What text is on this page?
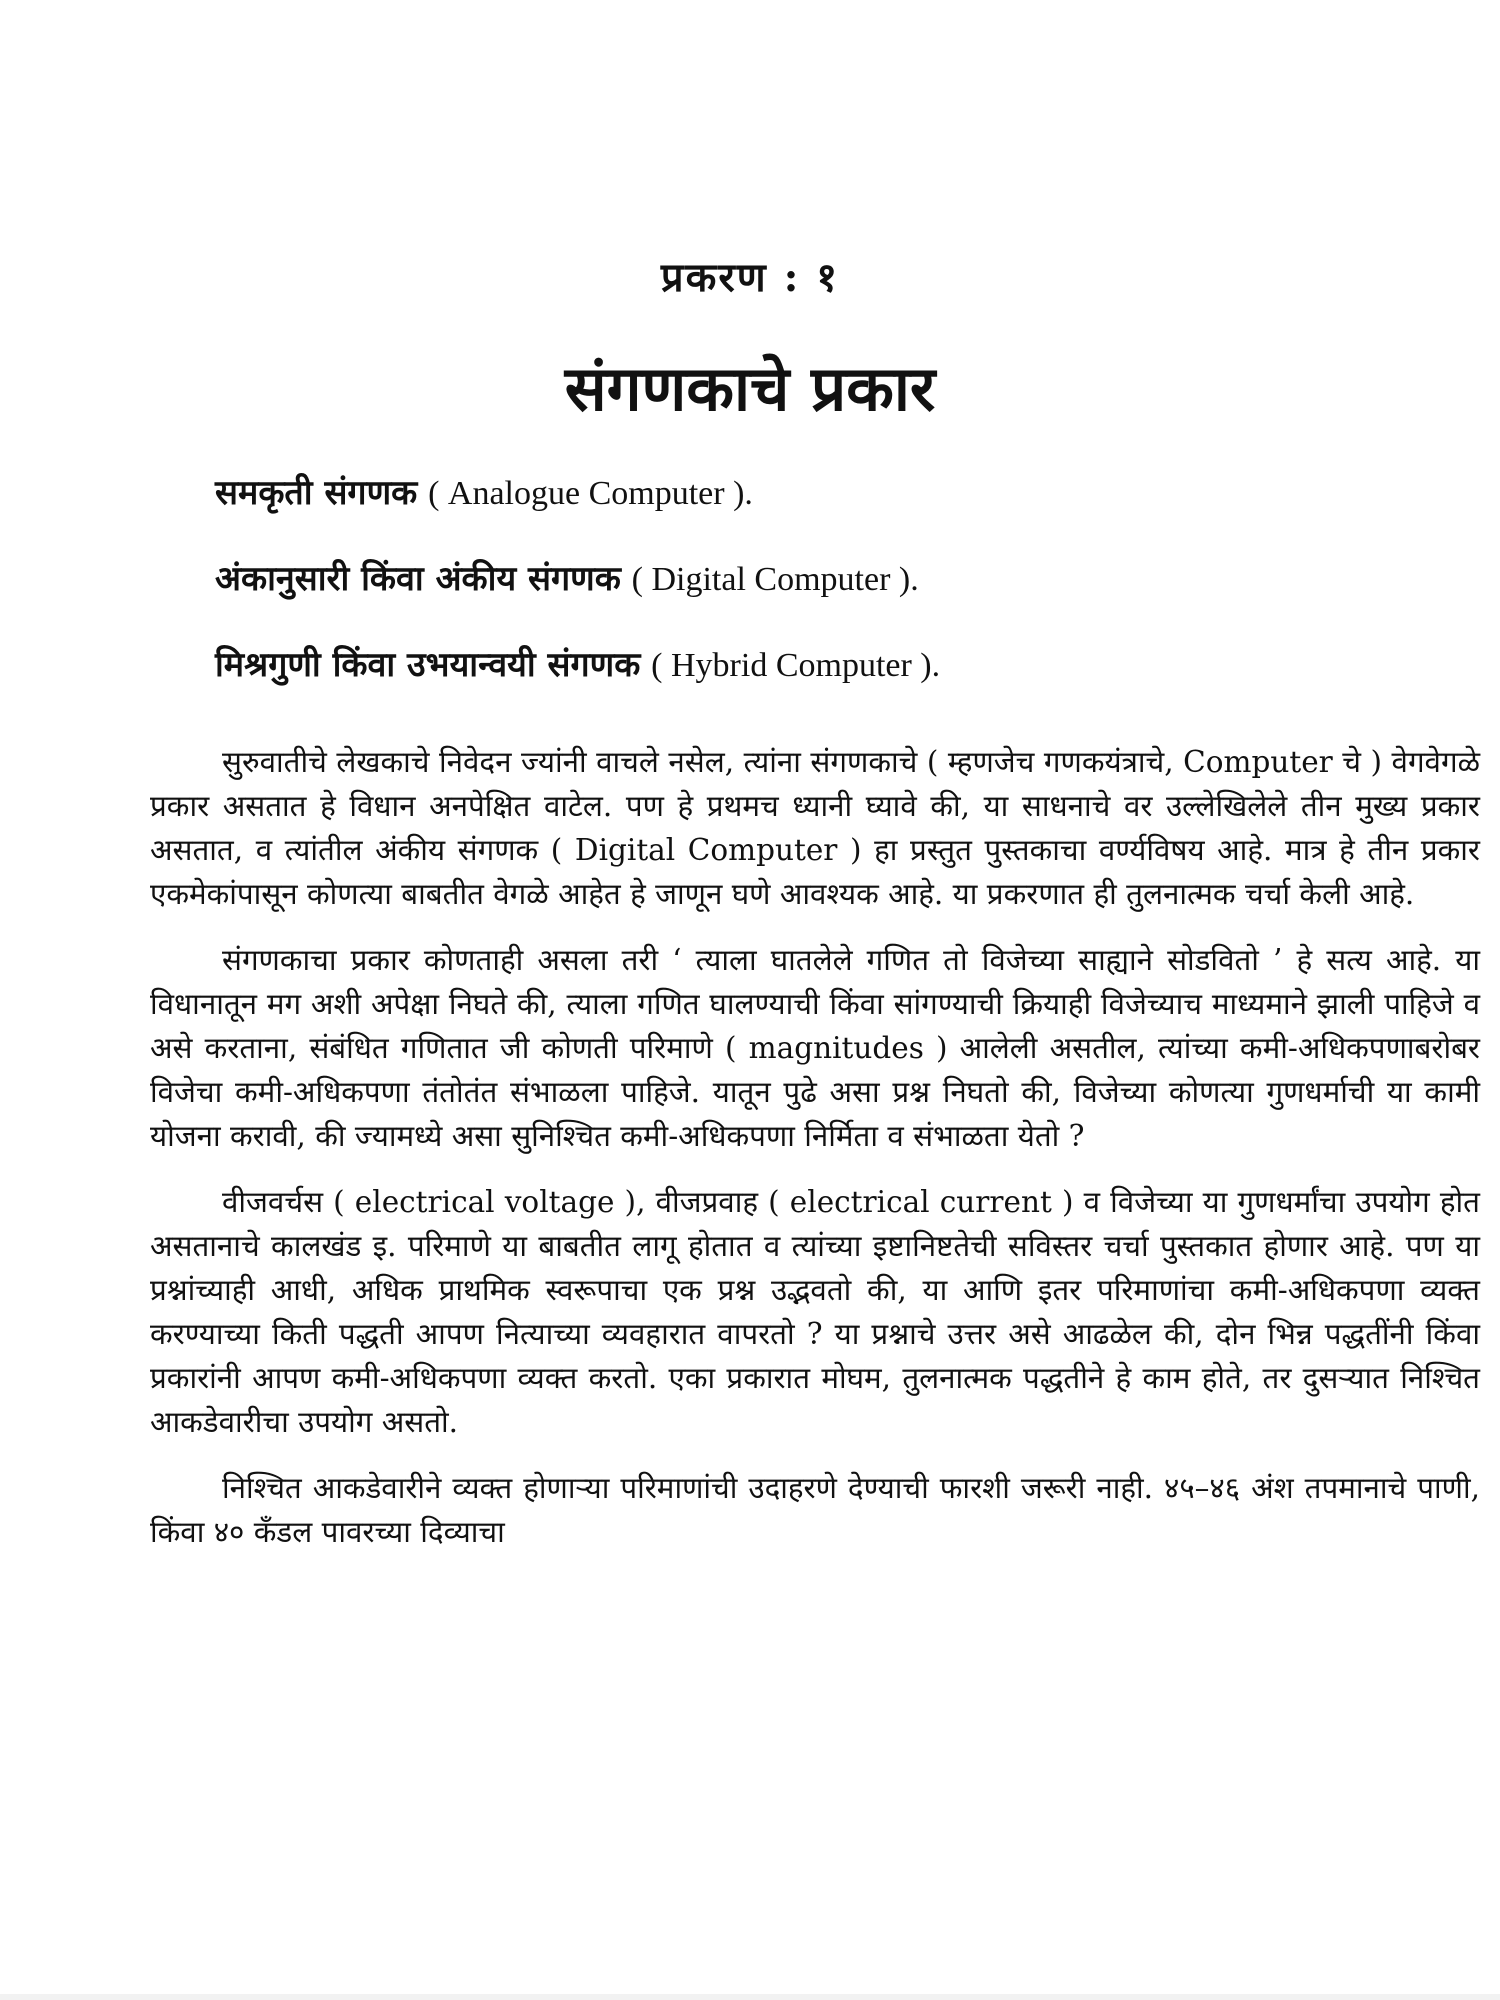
प्रकरण : १
संगणकाचे प्रकार
समकृती संगणक ( Analogue Computer ).
अंकानुसारी किंवा अंकीय संगणक ( Digital Computer ).
मिश्रगुणी किंवा उभयान्वयी संगणक ( Hybrid Computer ).

सुरुवातीचे लेखकाचे निवेदन ज्यांनी वाचले नसेल, त्यांना संगणकाचे ( म्हणजेच गणकयंत्राचे, Computer चे ) वेगवेगळे प्रकार असतात हे विधान अनपेक्षित वाटेल. पण हे प्रथमच ध्यानी घ्यावे की, या साधनाचे वर उल्लेखिलेले तीन मुख्य प्रकार असतात, व त्यांतील अंकीय संगणक ( Digital Computer ) हा प्रस्तुत पुस्तकाचा वर्ण्यविषय आहे. मात्र हे तीन प्रकार एकमेकांपासून कोणत्या बाबतीत वेगळे आहेत हे जाणून घणे आवश्यक आहे. या प्रकरणात ही तुलनात्मक चर्चा केली आहे.

संगणकाचा प्रकार कोणताही असला तरी ‘ त्याला घातलेले गणित तो विजेच्या साह्याने सोडवितो ’ हे सत्य आहे. या विधानातून मग अशी अपेक्षा निघते की, त्याला गणित घालण्याची किंवा सांगण्याची क्रियाही विजेच्याच माध्यमाने झाली पाहिजे व असे करताना, संबंधित गणितात जी कोणती परिमाणे ( magnitudes ) आलेली असतील, त्यांच्या कमी-अधिकपणाबरोबर विजेचा कमी-अधिकपणा तंतोतंत संभाळला पाहिजे. यातून पुढे असा प्रश्न निघतो की, विजेच्या कोणत्या गुणधर्माची या कामी योजना करावी, की ज्यामध्ये असा सुनिश्चित कमी-अधिकपणा निर्मिता व संभाळता येतो ?

वीजवर्चस ( electrical voltage ), वीजप्रवाह ( electrical current ) व विजेच्या या गुणधर्मांचा उपयोग होत असतानाचे कालखंड इ. परिमाणे या बाबतीत लागू होतात व त्यांच्या इष्टानिष्टतेची सविस्तर चर्चा पुस्तकात होणार आहे. पण या प्रश्नांच्याही आधी, अधिक प्राथमिक स्वरूपाचा एक प्रश्न उद्भवतो की, या आणि इतर परिमाणांचा कमी-अधिकपणा व्यक्त करण्याच्या किती पद्धती आपण नित्याच्या व्यवहारात वापरतो ? या प्रश्नाचे उत्तर असे आढळेल की, दोन भिन्न पद्धतींनी किंवा प्रकारांनी आपण कमी-अधिकपणा व्यक्त करतो. एका प्रकारात मोघम, तुलनात्मक पद्धतीने हे काम होते, तर दुसऱ्यात निश्चित आकडेवारीचा उपयोग असतो.

निश्चित आकडेवारीने व्यक्त होणाऱ्या परिमाणांची उदाहरणे देण्याची फारशी जरूरी नाही. ४५–४६ अंश तपमानाचे पाणी, किंवा ४० कँडल पावरच्या दिव्याचा
